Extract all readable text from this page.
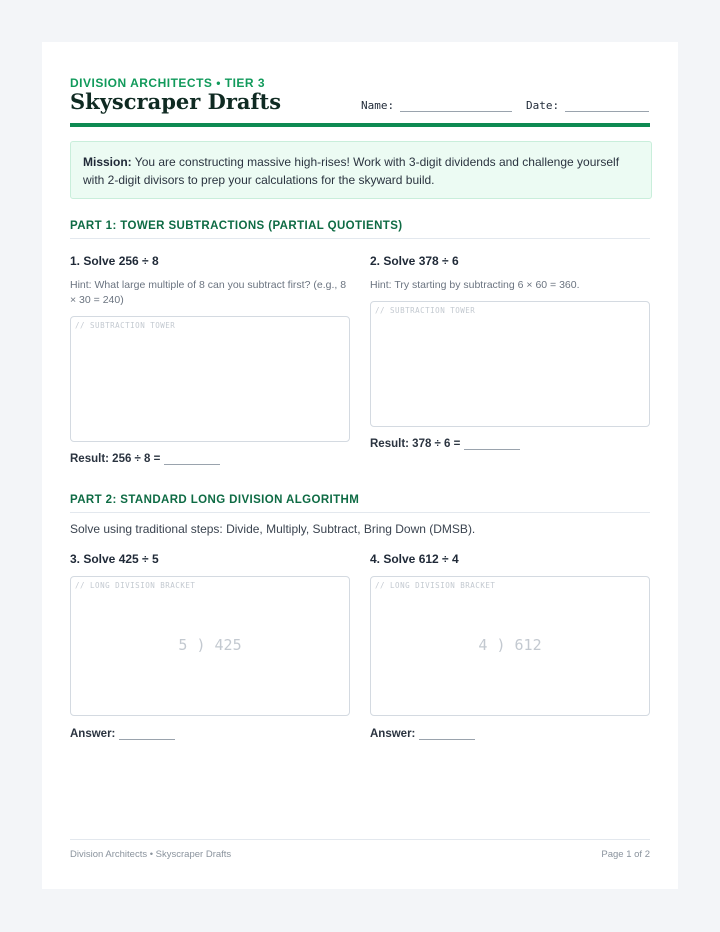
DIVISION ARCHITECTS • TIER 3
Skyscraper Drafts	Name:	Date:
Mission: You are constructing massive high-rises! Work with 3-digit dividends and challenge yourself with 2-digit divisors to prep your calculations for the skyward build.
PART 1: TOWER SUBTRACTIONS (PARTIAL QUOTIENTS)
1. Solve 256 ÷ 8
Hint: What large multiple of 8 can you subtract first? (e.g., 8 × 30 = 240)
// SUBTRACTION TOWER
Result: 256 ÷ 8 =
2. Solve 378 ÷ 6
Hint: Try starting by subtracting 6 × 60 = 360.
// SUBTRACTION TOWER
Result: 378 ÷ 6 =
PART 2: STANDARD LONG DIVISION ALGORITHM
Solve using traditional steps: Divide, Multiply, Subtract, Bring Down (DMSB).
3. Solve 425 ÷ 5
// LONG DIVISION BRACKET
5 ) 425
Answer:
4. Solve 612 ÷ 4
// LONG DIVISION BRACKET
4 ) 612
Answer:
Division Architects • Skyscraper Drafts	Page 1 of 2
